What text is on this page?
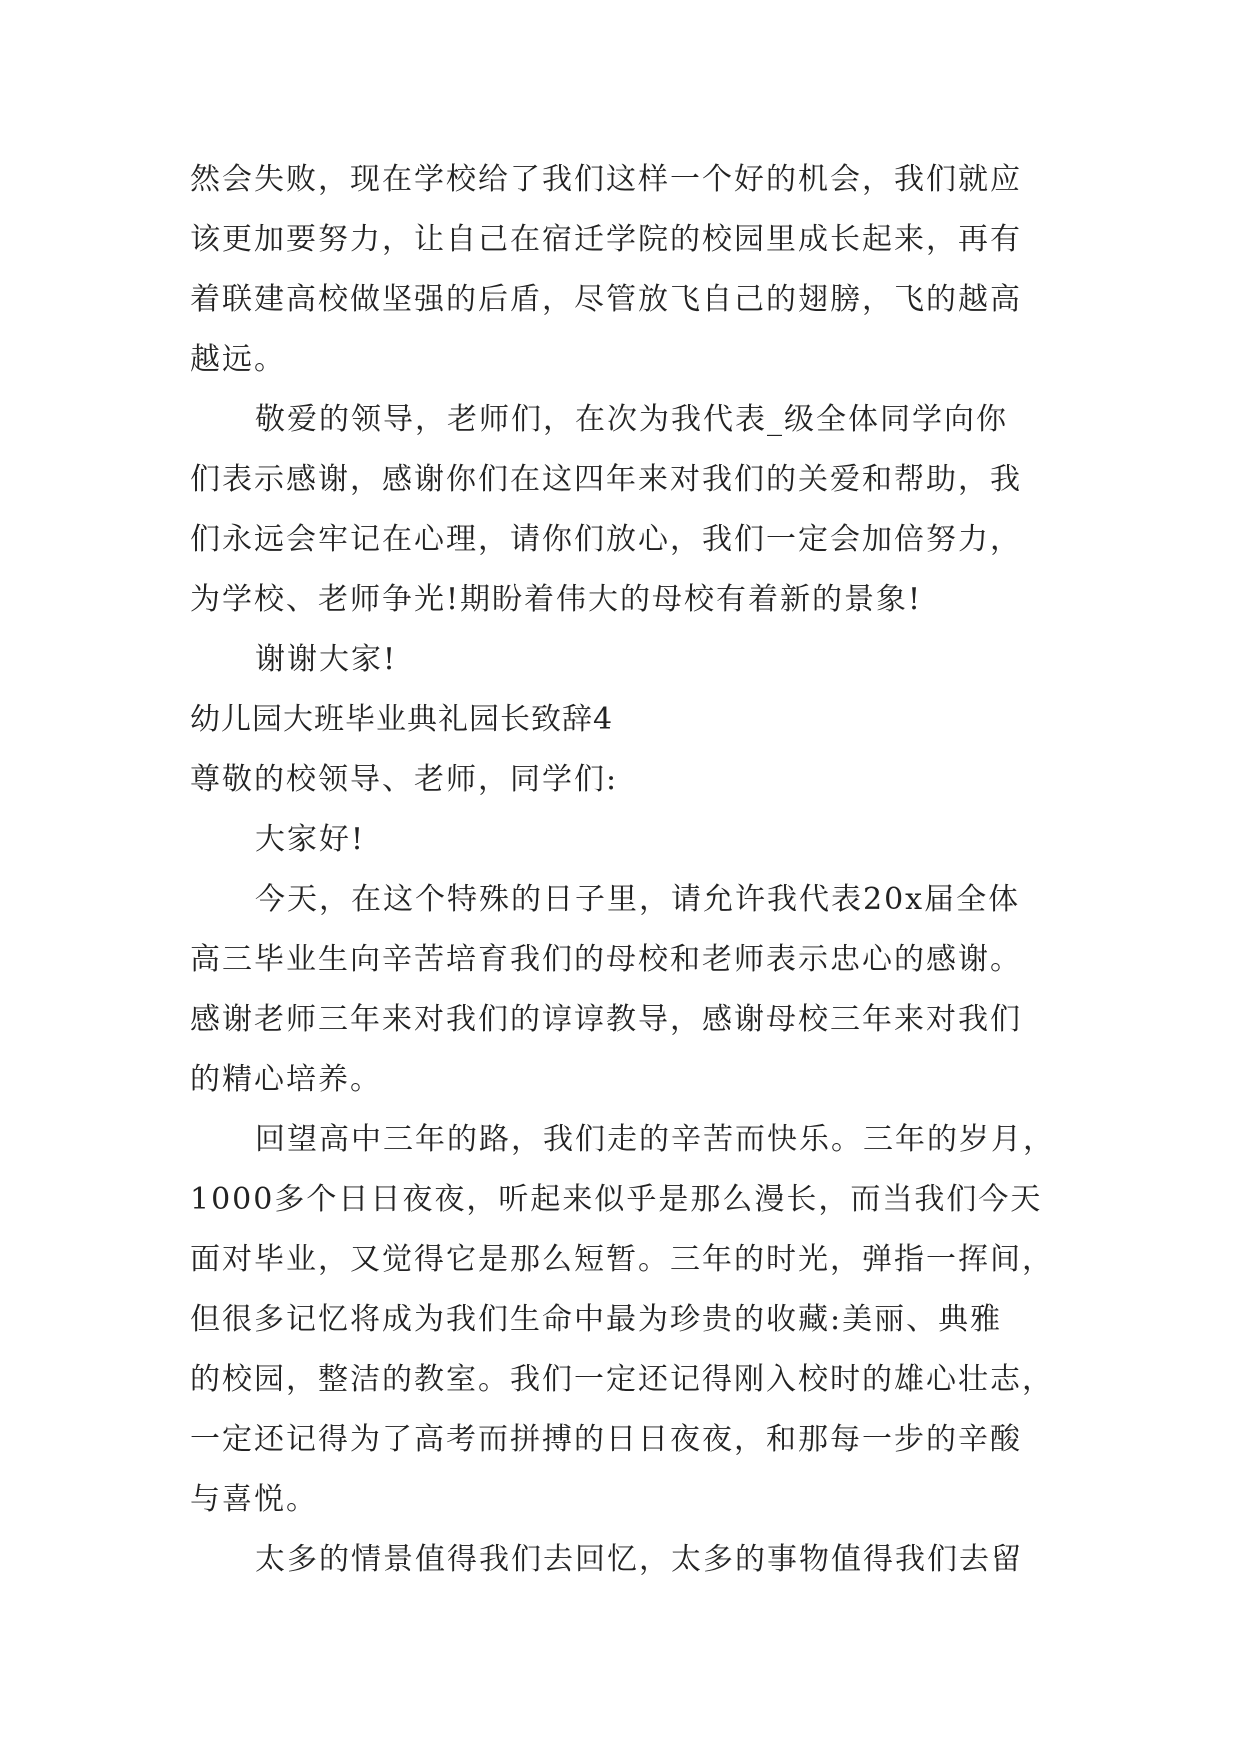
然会失败，现在学校给了我们这样一个好的机会，我们就应
该更加要努力，让自己在宿迁学院的校园里成长起来，再有
着联建高校做坚强的后盾，尽管放飞自己的翅膀，飞的越高
越远。
敬爱的领导，老师们，在次为我代表_级全体同学向你
们表示感谢，感谢你们在这四年来对我们的关爱和帮助，我
们永远会牢记在心理，请你们放心，我们一定会加倍努力，
为学校、老师争光!期盼着伟大的母校有着新的景象!
谢谢大家!
幼儿园大班毕业典礼园长致辞4
尊敬的校领导、老师，同学们:
大家好!
今天，在这个特殊的日子里，请允许我代表20x届全体
高三毕业生向辛苦培育我们的母校和老师表示忠心的感谢。
感谢老师三年来对我们的谆谆教导，感谢母校三年来对我们
的精心培养。
回望高中三年的路，我们走的辛苦而快乐。三年的岁月，
1000多个日日夜夜，听起来似乎是那么漫长，而当我们今天
面对毕业，又觉得它是那么短暂。三年的时光，弹指一挥间，
但很多记忆将成为我们生命中最为珍贵的收藏:美丽、典雅
的校园，整洁的教室。我们一定还记得刚入校时的雄心壮志，
一定还记得为了高考而拼搏的日日夜夜，和那每一步的辛酸
与喜悦。
太多的情景值得我们去回忆，太多的事物值得我们去留
